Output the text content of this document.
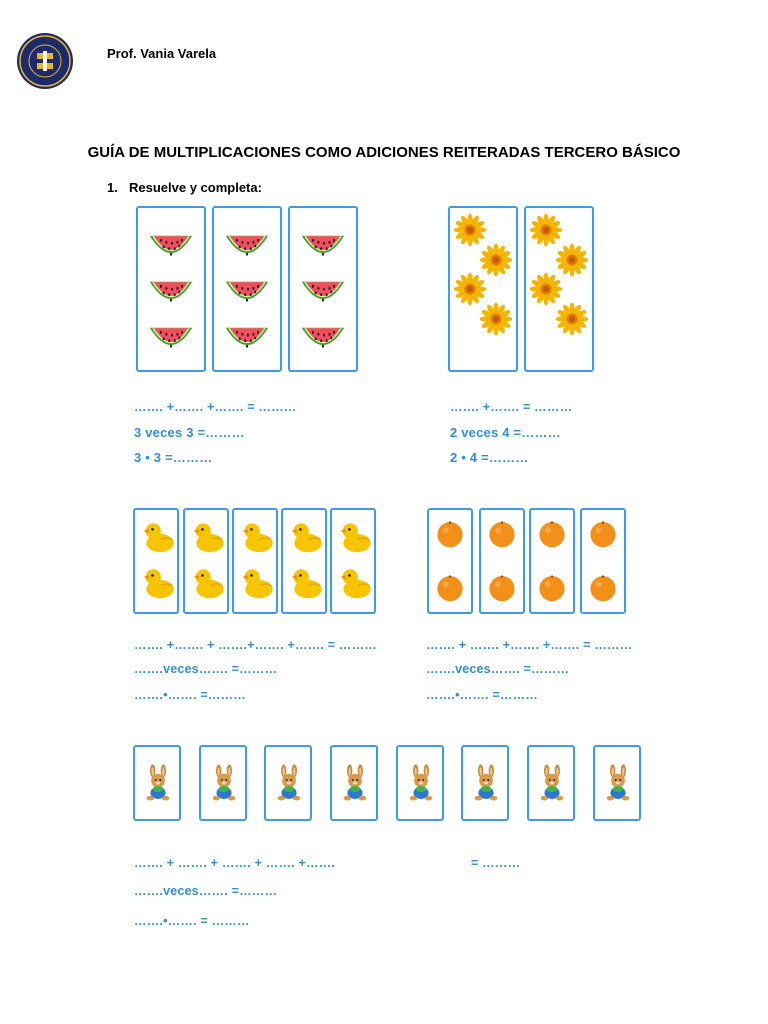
Prof. Vania Varela
GUÍA DE MULTIPLICACIONES COMO ADICIONES REITERADAS TERCERO BÁSICO
1. Resuelve y completa:
……. +……. +……. = ………
3 veces 3 =………
3 • 3 =………
……. +……. = ………
2 veces 4 =………
2 • 4 =………
……. +……. + …….+……. +……. = ………
…….veces……. =………
…….•……. =………
……. + ……. +……. +……. = ………
…….veces……. =………
…….•……. =………
……. + ……. + ……. + ……. +…….	= ………
…….veces……. =………
…….•……. = ………
